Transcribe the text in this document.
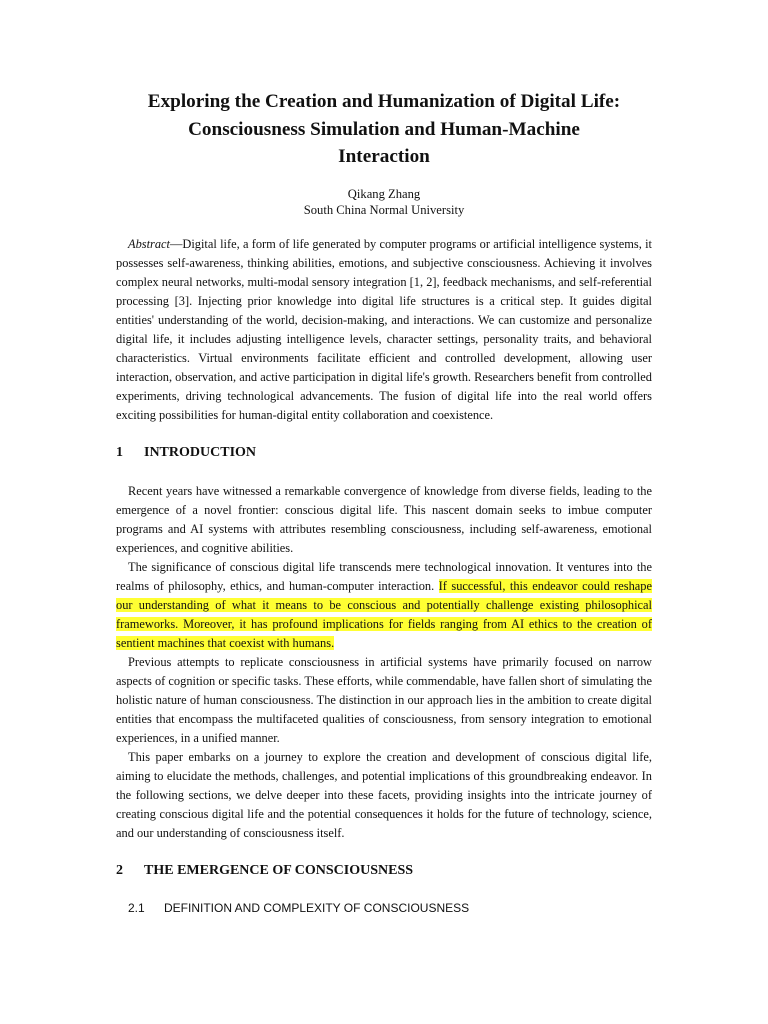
Exploring the Creation and Humanization of Digital Life:
Consciousness Simulation and Human-Machine
Interaction
Qikang Zhang
South China Normal University

Abstract—Digital life, a form of life generated by computer programs or artificial intelligence systems, it possesses self-awareness, thinking abilities, emotions, and subjective consciousness. Achieving it involves complex neural networks, multi-modal sensory integration [1, 2], feedback mechanisms, and self-referential processing [3]. Injecting prior knowledge into digital life structures is a critical step. It guides digital entities' understanding of the world, decision-making, and interactions. We can customize and personalize digital life, it includes adjusting intelligence levels, character settings, personality traits, and behavioral characteristics. Virtual environments facilitate efficient and controlled development, allowing user interaction, observation, and active participation in digital life's growth. Researchers benefit from controlled experiments, driving technological advancements. The fusion of digital life into the real world offers exciting possibilities for human-digital entity collaboration and coexistence.

1 INTRODUCTION

Recent years have witnessed a remarkable convergence of knowledge from diverse fields, leading to the emergence of a novel frontier: conscious digital life. This nascent domain seeks to imbue computer programs and AI systems with attributes resembling consciousness, including self-awareness, emotional experiences, and cognitive abilities.

The significance of conscious digital life transcends mere technological innovation. It ventures into the realms of philosophy, ethics, and human-computer interaction. If successful, this endeavor could reshape our understanding of what it means to be conscious and potentially challenge existing philosophical frameworks. Moreover, it has profound implications for fields ranging from AI ethics to the creation of sentient machines that coexist with humans.

Previous attempts to replicate consciousness in artificial systems have primarily focused on narrow aspects of cognition or specific tasks. These efforts, while commendable, have fallen short of simulating the holistic nature of human consciousness. The distinction in our approach lies in the ambition to create digital entities that encompass the multifaceted qualities of consciousness, from sensory integration to emotional experiences, in a unified manner.

This paper embarks on a journey to explore the creation and development of conscious digital life, aiming to elucidate the methods, challenges, and potential implications of this groundbreaking endeavor. In the following sections, we delve deeper into these facets, providing insights into the intricate journey of creating conscious digital life and the potential consequences it holds for the future of technology, science, and our understanding of consciousness itself.

2 THE EMERGENCE OF CONSCIOUSNESS
2.1 DEFINITION AND COMPLEXITY OF CONSCIOUSNESS
